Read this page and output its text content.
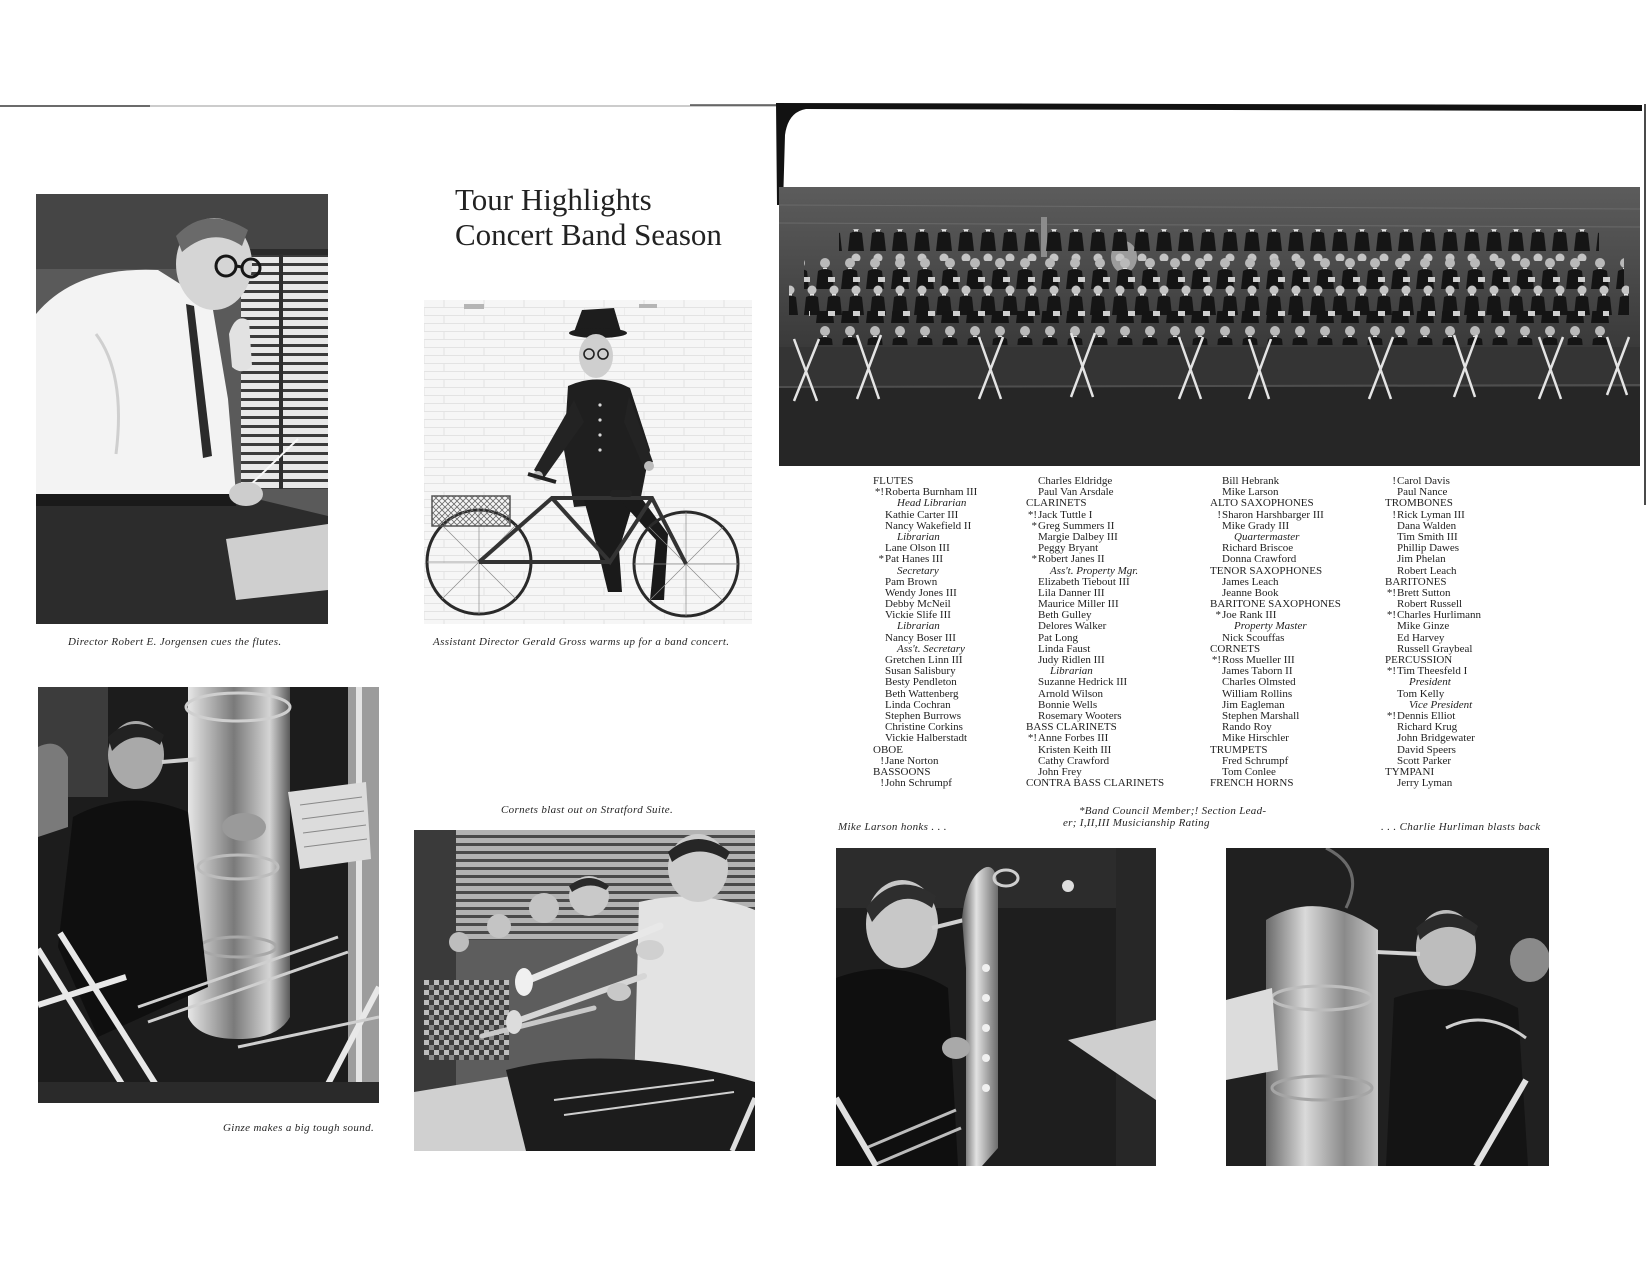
Tour Highlights
Concert Band Season
Director Robert E. Jorgensen cues the flutes.	Assistant Director Gerald Gross warms up for a band concert.
Ginze makes a big tough sound.
Cornets blast out on Stratford Suite.
FLUTES
*! Roberta Burnham III
Head Librarian
Kathie Carter III
Nancy Wakefield II
Librarian
Lane Olson III
* Pat Hanes III
Secretary
Pam Brown
Wendy Jones III
Debby McNeil
Vickie Slife III
Librarian
Nancy Boser III
Ass't. Secretary
Gretchen Linn III
Susan Salisbury
Besty Pendleton
Beth Wattenberg
Linda Cochran
Stephen Burrows
Christine Corkins
Vickie Halberstadt
OBOE
! Jane Norton
BASSOONS
! John Schrumpf
Charles Eldridge
Paul Van Arsdale
CLARINETS
*! Jack Tuttle I
* Greg Summers II
Margie Dalbey III
Peggy Bryant
* Robert Janes II
Ass't. Property Mgr.
Elizabeth Tiebout III
Lila Danner III
Maurice Miller III
Beth Gulley
Delores Walker
Pat Long
Linda Faust
Judy Ridlen III
Librarian
Suzanne Hedrick III
Arnold Wilson
Bonnie Wells
Rosemary Wooters
BASS CLARINETS
*! Anne Forbes III
Kristen Keith III
Cathy Crawford
John Frey
CONTRA BASS CLARINETS
Bill Hebrank
Mike Larson
ALTO SAXOPHONES
! Sharon Harshbarger III
Mike Grady III
Quartermaster
Richard Briscoe
Donna Crawford
TENOR SAXOPHONES
James Leach
Jeanne Book
BARITONE SAXOPHONES
* Joe Rank III
Property Master
Nick Scouffas
CORNETS
*! Ross Mueller III
James Taborn II
Charles Olmsted
William Rollins
Jim Eagleman
Stephen Marshall
Rando Roy
Mike Hirschler
TRUMPETS
Fred Schrumpf
Tom Conlee
FRENCH HORNS
! Carol Davis
Paul Nance
TROMBONES
! Rick Lyman III
Dana Walden
Tim Smith III
Phillip Dawes
Jim Phelan
Robert Leach
BARITONES
*! Brett Sutton
Robert Russell
*! Charles Hurlimann
Mike Ginze
Ed Harvey
Russell Graybeal
PERCUSSION
*! Tim Theesfeld I
President
Tom Kelly
Vice President
*! Dennis Elliot
Richard Krug
John Bridgewater
David Speers
Scott Parker
TYMPANI
Jerry Lyman
Mike Larson honks . . .
*Band Council Member;! Section Lead-
er; I,II,III Musicianship Rating	. . . Charlie Hurliman blasts back
